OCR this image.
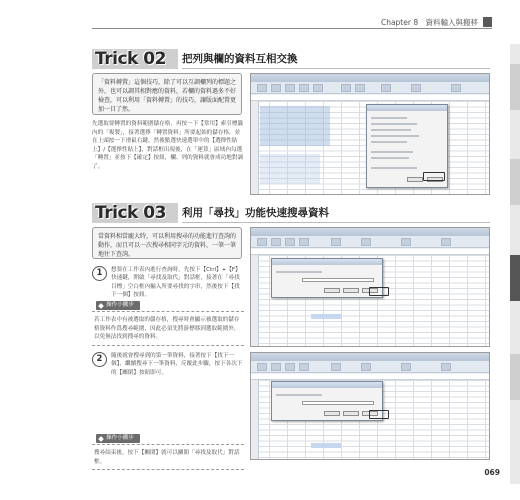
Chapter 8 資料輸入與搬移
Trick 02	把列與欄的資料互相交換
「資料轉置」這個技巧，除了可以互調欄列的標題之外，也可以調其相對應的資料，若欄的資料過多不好檢查，可以利用「資料轉置」的技巧，讓版面配置更加一目了然。
先選取要轉置的資料範圍儲存格，再按一下【常用】索引標籤內的「複製」，接著選擇「轉置資料」所要起始的儲存格，並在上頭按一下滑鼠右鍵，然後點選快速選單中的【選擇性貼上】/【選擇性貼上】，對話框出現後，在「運算」區域內勾選「轉置」並按下【確定】按鈕，欄、列的資料就會成功地對調了。
Trick 03	利用「尋找」功能快速搜尋資料
當資料相當龐大時，可以利用搜尋的功能進行查詢的動作，而且可以一次搜尋相同字元的資料，一筆一筆地往下查詢。
1	想要在工作表內進行查詢時，先按下【Ctrl】+【F】快速鍵，開啟「尋找及取代」對話框，接著在「尋找目標」空白框內輸入所要尋找的字串，然後按下【找下一個】按鈕。
操作小撇步
若工作表中有被選取的儲存格，搜尋時會顯示被選取的儲存格資料作爲搜尋範圍，因此必須先將游標移到選取範圍外，以免無法找到搜尋的資料。
2	隨後就會搜尋到的第一筆資料，接著按下【找下一個】，繼續搜尋下一筆資料，反覆此步驟，按下各次下的【關閉】按鈕即可。
操作小撇步
搜尋結束後，按下【關閉】就可以關閉「尋找及取代」對話框。
069
